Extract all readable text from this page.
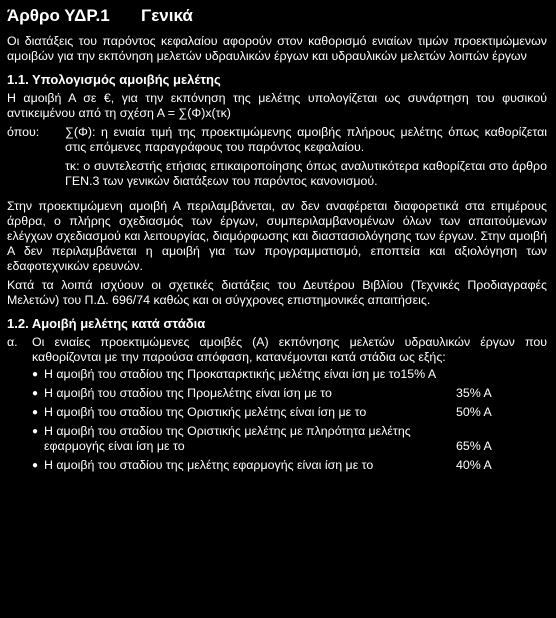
Άρθρο ΥΔΡ.1 Γενικά

Οι διατάξεις του παρόντος κεφαλαίου αφορούν στον καθορισμό ενιαίων τιμών προεκτιμώμενων αμοιβών για την εκπόνηση μελετών υδραυλικών έργων και υδραυλικών μελετών λοιπών έργων

1.1. Υπολογισμός αμοιβής μελέτης

Η αμοιβή Α σε €, για την εκπόνηση της μελέτης υπολογίζεται ως συνάρτηση του φυσικού αντικειμένου από τη σχέση Α = ∑(Φ)x(τκ)

όπου:	∑(Φ): η ενιαία τιμή της προεκτιμώμενης αμοιβής πλήρους μελέτης όπως καθορίζεται στις επόμενες παραγράφους του παρόντος κεφαλαίου.

τκ: ο συντελεστής ετήσιας επικαιροποίησης όπως αναλυτικότερα καθορίζεται στο άρθρο ΓΕΝ.3 των γενικών διατάξεων του παρόντος κανονισμού.

Στην προεκτιμώμενη αμοιβή Α περιλαμβάνεται, αν δεν αναφέρεται διαφορετικά στα επιμέρους άρθρα, ο πλήρης σχεδιασμός των έργων, συμπεριλαμβανομένων όλων των απαιτούμενων ελέγχων σχεδιασμού και λειτουργίας, διαμόρφωσης και διαστασιολόγησης των έργων. Στην αμοιβή Α δεν περιλαμβάνεται η αμοιβή για των προγραμματισμό, εποπτεία και αξιολόγηση των εδαφοτεχνικών ερευνών.

Κατά τα λοιπά ισχύουν οι σχετικές διατάξεις του Δευτέρου Βιβλίου (Τεχνικές Προδιαγραφές Μελετών) του Π.Δ. 696/74 καθώς και οι σύγχρονες επιστημονικές απαιτήσεις.

1.2. Αμοιβή μελέτης κατά στάδια
α.	Οι ενιαίες προεκτιμώμενες αμοιβές (Α) εκπόνησης μελετών υδραυλικών έργων που καθορίζονται με την παρούσα απόφαση, κατανέμονται κατά στάδια ως εξής:

● Η αμοιβή του σταδίου της Προκαταρκτικής μελέτης είναι ίση με το 15% Α
● Η αμοιβή του σταδίου της Προμελέτης είναι ίση με το	35% Α
● Η αμοιβή του σταδίου της Οριστικής μελέτης είναι ίση με το	50% Α
● Η αμοιβή του σταδίου της Οριστικής μελέτης με πληρότητα μελέτης εφαρμογής είναι ίση με το	65% Α
● Η αμοιβή του σταδίου της μελέτης εφαρμογής είναι ίση με το	40% Α
